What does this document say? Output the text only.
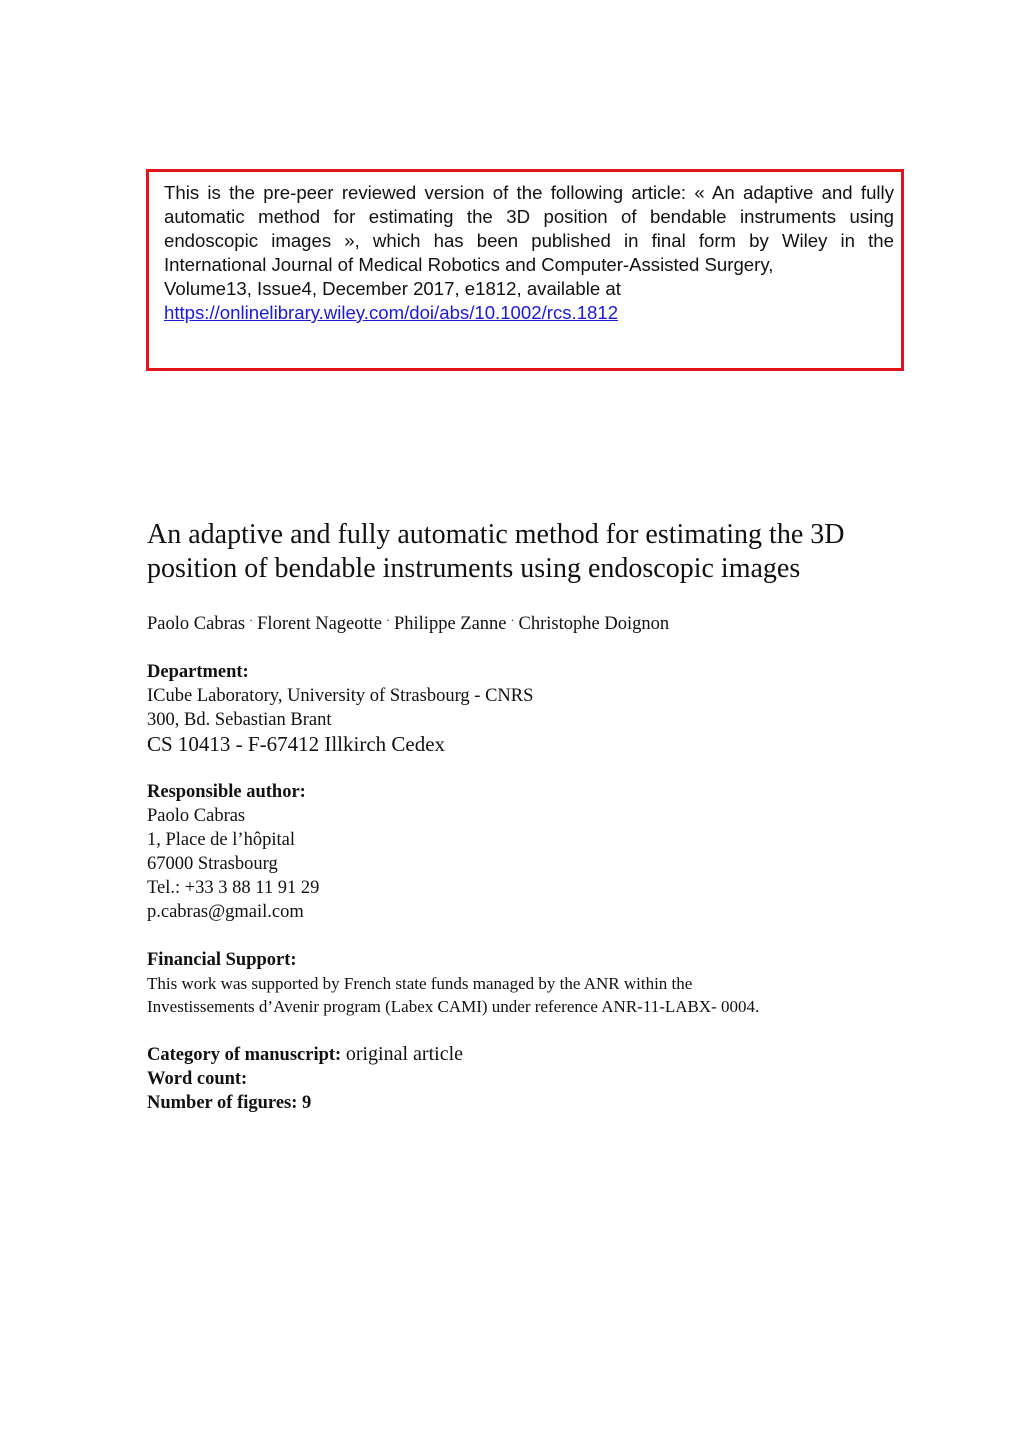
This is the pre-peer reviewed version of the following article: « An adaptive and fully automatic method for estimating the 3D position of bendable instruments using endoscopic images », which has been published in final form by Wiley in the International Journal of Medical Robotics and Computer-Assisted Surgery,
Volume13, Issue4, December 2017, e1812, available at
https://onlinelibrary.wiley.com/doi/abs/10.1002/rcs.1812

An adaptive and fully automatic method for estimating the 3D position of bendable instruments using endoscopic images

Paolo Cabras · Florent Nageotte · Philippe Zanne · Christophe Doignon

Department:

ICube Laboratory, University of Strasbourg - CNRS

300, Bd. Sebastian Brant

CS 10413 - F-67412 Illkirch Cedex

Responsible author:

Paolo Cabras

1, Place de l’hôpital

67000 Strasbourg

Tel.: +33 3 88 11 91 29

p.cabras@gmail.com

Financial Support:

This work was supported by French state funds managed by the ANR within the

Investissements d’Avenir program (Labex CAMI) under reference ANR-11-LABX- 0004.

Category of manuscript: original article

Word count:

Number of figures: 9
